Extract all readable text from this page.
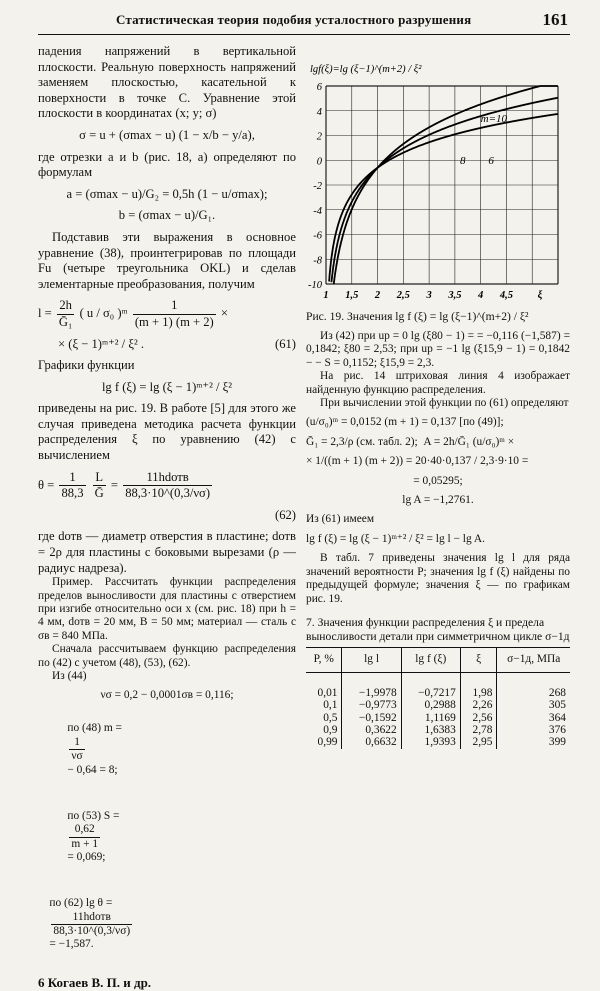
Статистическая теория подобия усталостного разрушения	161

падения напряжений в вертикальной плоскости. Реальную поверхность напряжений заменяем плоскостью, касательной к поверхности в точке C. Уравнение этой плоскости в координатах (x; y; σ)

σ = u + (σmax − u) (1 − x/b − y/a),

где отрезки a и b (рис. 18, a) определяют по формулам

a = (σmax − u)/G₂ = 0,5h (1 − u/σmax);
b = (σmax − u)/G₁.

Подставив эти выражения в основное уравнение (38), проинтегрировав по площади Fu (четыре треугольника OKL) и сделав элементарные преобразования, получим

$l = \frac{2h}{\text{Ḡ₁}}$ ( u / σ₀ )ᵐ $\frac{1}{(m + 1) (m + 2)}$ ×
× (ξ − 1)ᵐ⁺² / ξ² .	(61)

Графики функции

lg f (ξ) = lg (ξ − 1)ᵐ⁺² / ξ²

приведены на рис. 19. В работе [5] для этого же случая приведена методика расчета функции распределения ξ по уравнению (42) с вычислением

$\theta = \frac{1}{88,3}$
$\frac{L}{\text{Ḡ}} = \frac{\text{11hdотв}}{88,3\cdot 10\^{}(0,3/\nu\sigma)}$
(62)

где dотв — диаметр отверстия в пластине; dотв = 2ρ для пластины с боковыми вырезами (ρ — радиус надреза).

Пример. Рассчитать функции распределения пределов выносливости для пластины с отверстием при изгибе относительно оси x (см. рис. 18) при h = 4 мм, dотв = 20 мм, B = 50 мм; материал — сталь с σв = 840 МПа.

Сначала рассчитываем функцию распределения по (42) с учетом (48), (53), (62).

Из (44)

νσ = 0,2 − 0,0001σв = 0,116;

по (48) m =

$\frac{1}{\nu\sigma}$

− 0,64 = 8;

по (53) S =

$\frac{0,62}{m + 1}$

= 0,069;

по (62) lg θ =

$\frac{\text{11hdотв}}{88,3\cdot 10\^{}(0,3/\nu\sigma)}$

= −1,587.

6 Когаев В. П. и др.
lgf(ξ)=lg (ξ−1)^(m+2) / ξ²
6
4
2
0
-2
-4
-6
-8
-10
1 1,5 2 2,5 3 3,5 4 4,5 ξ
m=10
8 6
Рис. 19. Значения lg f (ξ) = lg (ξ−1)^(m+2) / ξ²

Из (42) при up = 0 lg (ξ80 − 1) = = −0,116 (−1,587) = 0,1842; ξ80 = 2,53; при up = −1 lg (ξ15,9 − 1) = 0,1842 − − S = 0,1152; ξ15,9 = 2,3.

На рис. 14 штриховая линия 4 изображает найденную функцию распределения.

При вычислении этой функции по (61) определяют

(u/σ₀)ᵐ = 0,0152 (m + 1) = 0,137 [по (49)];
Ḡ₁ = 2,3/ρ (см. табл. 2);  A = 2h/Ḡ₁ (u/σ₀)ᵐ ×
× 1/((m + 1) (m + 2)) = 20·40·0,137 / 2,3·9·10 =
= 0,05295;
lg A = −1,2761.

Из (61) имеем

lg f (ξ) = lg (ξ − 1)ᵐ⁺² / ξ² = lg l − lg A.

В табл. 7 приведены значения lg l для ряда значений вероятности P; значения lg f (ξ) найдены по предыдущей формуле; значения ξ — по графикам рис. 19.

7. Значения функции распределения ξ и предела выносливости детали при симметричном цикле σ−1д
P, %	lg l	lg f (ξ)	ξ	σ−1д, МПа
0,01	−1,9978	−0,7217	1,98	268
0,1	−0,9773	0,2988	2,26	305
0,5	−0,1592	1,1169	2,56	364
0,9	0,3622	1,6383	2,78	376
0,99	0,6632	1,9393	2,95	399
